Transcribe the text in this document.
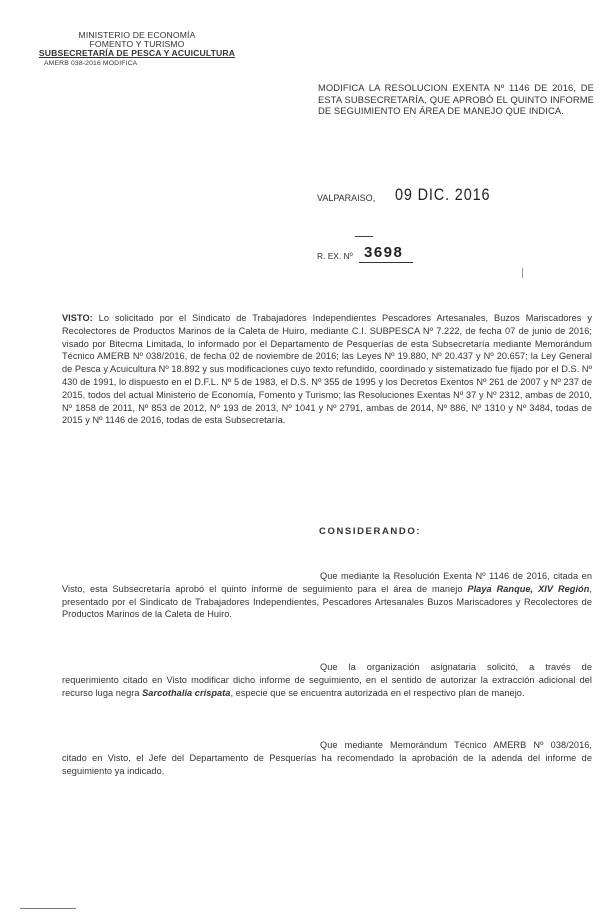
MINISTERIO DE ECONOMÍA
FOMENTO Y TURISMO
SUBSECRETARÍA DE PESCA Y ACUICULTURA
AMERB 038-2016 MODIFICA
MODIFICA LA RESOLUCION EXENTA Nº 1146 DE 2016, DE ESTA SUBSECRETARÍA, QUE APROBÓ EL QUINTO INFORME DE SEGUIMIENTO EN ÁREA DE MANEJO QUE INDICA.
VALPARAISO, 09 DIC. 2016
R. EX. Nº 3698
VISTO: Lo solicitado por el Sindicato de Trabajadores Independientes Pescadores Artesanales, Buzos Mariscadores y Recolectores de Productos Marinos de la Caleta de Huiro, mediante C.I. SUBPESCA Nº 7.222, de fecha 07 de junio de 2016; visado por Bitecma Limitada, lo informado por el Departamento de Pesquerías de esta Subsecretaría mediante Memorándum Técnico AMERB Nº 038/2016, de fecha 02 de noviembre de 2016; las Leyes Nº 19.880, Nº 20.437 y Nº 20.657; la Ley General de Pesca y Acuicultura Nº 18.892 y sus modificaciones cuyo texto refundido, coordinado y sistematizado fue fijado por el D.S. Nº 430 de 1991, lo dispuesto en el D.F.L. Nº 5 de 1983, el D.S. Nº 355 de 1995 y los Decretos Exentos Nº 261 de 2007 y Nº 237 de 2015, todos del actual Ministerio de Economía, Fomento y Turismo; las Resoluciones Exentas Nº 37 y Nº 2312, ambas de 2010, Nº 1858 de 2011, Nº 853 de 2012, Nº 193 de 2013, Nº 1041 y Nº 2791, ambas de 2014, Nº 886, Nº 1310 y Nº 3484, todas de 2015 y Nº 1146 de 2016, todas de esta Subsecretaría.
CONSIDERANDO:
Que mediante la Resolución Exenta Nº 1146 de 2016, citada en Visto, esta Subsecretaría aprobó el quinto informe de seguimiento para el área de manejo Playa Ranque, XIV Región, presentado por el Sindicato de Trabajadores Independientes, Pescadores Artesanales Buzos Mariscadores y Recolectores de Productos Marinos de la Caleta de Huiro.
Que la organización asignataria solicitó, a través de requerimiento citado en Visto modificar dicho informe de seguimiento, en el sentido de autorizar la extracción adicional del recurso luga negra Sarcothalia crispata, especie que se encuentra autorizada en el respectivo plan de manejo.
Que mediante Memorándum Técnico AMERB Nº 038/2016, citado en Visto, el Jefe del Departamento de Pesquerías ha recomendado la aprobación de la adenda del informe de seguimiento ya indicado.
